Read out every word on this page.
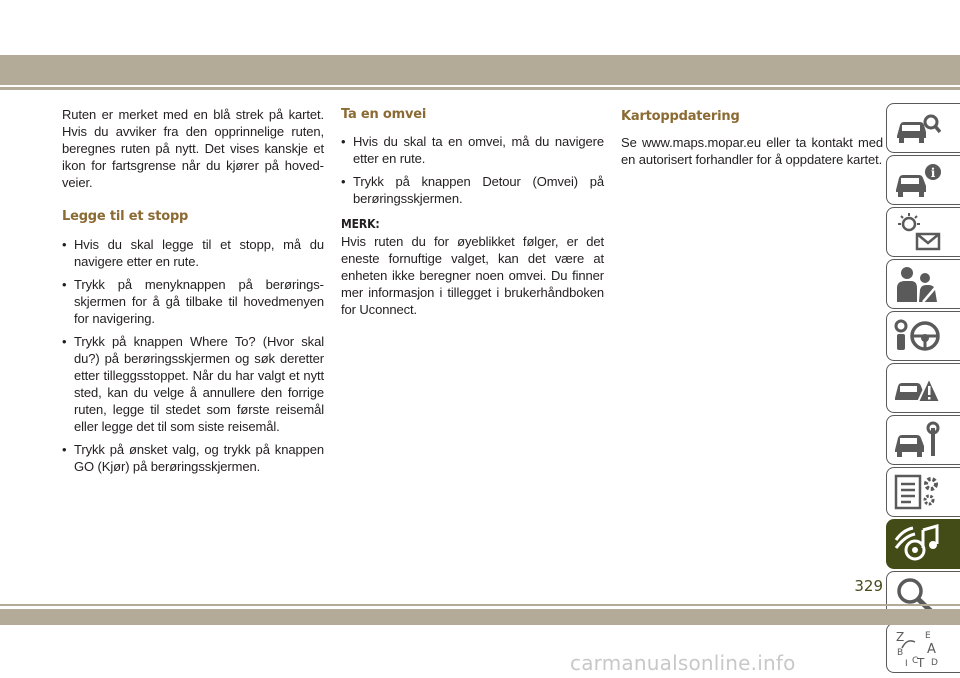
Ruten er merket med en blå strek på kartet. Hvis du avviker fra den opprinnelige ruten, beregnes ruten på nytt. Det vises kanskje et ikon for fartsgrense når du kjører på hovedveier.

Legge til et stopp
• Hvis du skal legge til et stopp, må du navigere etter en rute.
• Trykk på menyknappen på berøringsskjermen for å gå tilbake til hovedmenyen for navigering.
• Trykk på knappen Where To? (Hvor skal du?) på berøringsskjermen og søk deretter etter tilleggsstoppet. Når du har valgt et nytt sted, kan du velge å annullere den forrige ruten, legge til stedet som første reisemål eller legge det til som siste reisemål.
• Trykk på ønsket valg, og trykk på knappen GO (Kjør) på berøringsskjermen.
Ta en omvei
• Hvis du skal ta en omvei, må du navigere etter en rute.
• Trykk på knappen Detour (Omvei) på berøringsskjermen.
MERK:

Hvis ruten du for øyeblikket følger, er det eneste fornuftige valget, kan det være at enheten ikke beregner noen omvei. Du finner mer informasjon i tillegget i brukerhåndboken for Uconnect.

Kartoppdatering

Se www.maps.mopar.eu eller ta kontakt med en autorisert forhandler for å oppdatere kartet.

i
Z E
B A
I C
T D
329
carmanualsonline.info
